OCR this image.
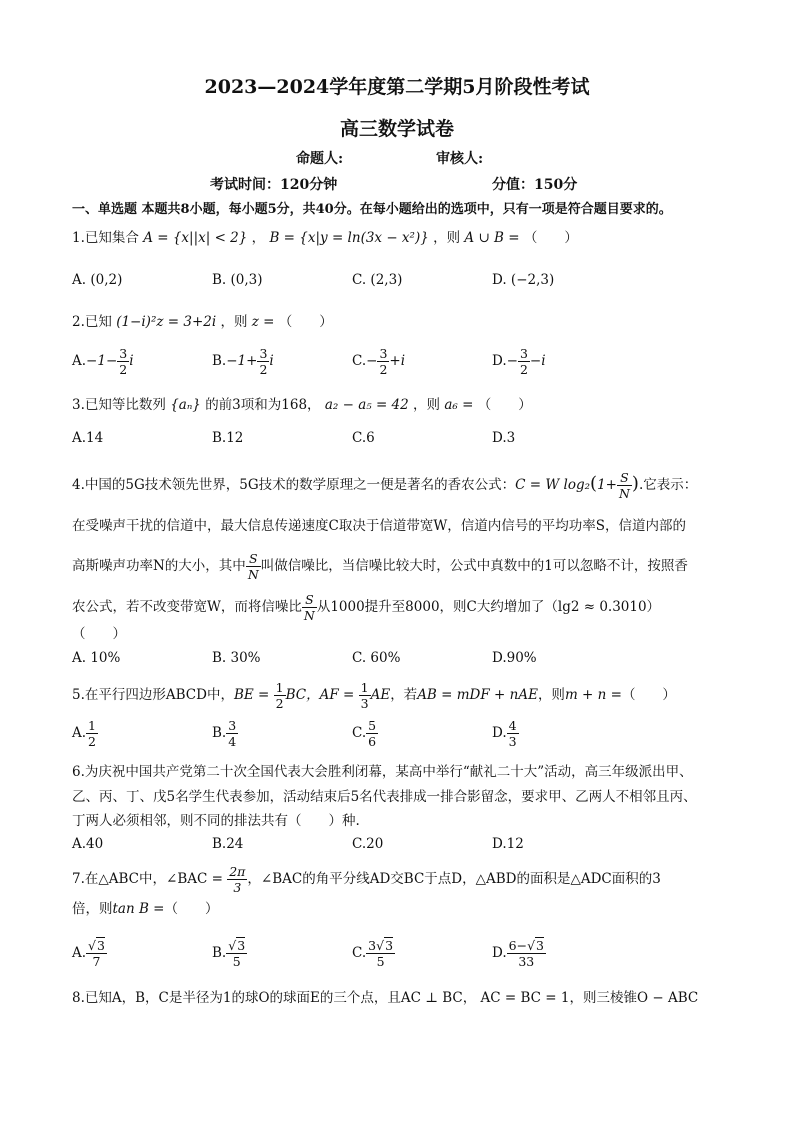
2023—2024学年度第二学期5月阶段性考试
高三数学试卷
命题人:	审核人:
考试时间：120分钟	分值：150分
一、单选题 本题共8小题，每小题5分，共40分。在每小题给出的选项中，只有一项是符合题目要求的。
1.已知集合 A = {x||x| < 2} ， B = {x|y = ln(3x − x²)} ，则 A ∪ B = （　　）
A. (0,2)	B. (0,3)	C. (2,3)	D. (−2,3)
2.已知 (1−i)²z = 3+2i ，则 z = （　　）
$A.-1- \frac{3}{2}$ i	$B.-1+ \frac{3}{2}$ i	$C.- \frac{3}{2} +i$	$D.- \frac{3}{2} -i$
3.已知等比数列 {aₙ} 的前3项和为168， a₂ − a₅ = 42 ，则 a₆ = （　　）
A.14	B.12	C.6	D.3
4.中国的5G技术领先世界，5G技术的数学原理之一便是著名的香农公式：C = W $\log_2(1+ \frac{S}{N}$ ).它表示：
在受噪声干扰的信道中，最大信息传递速度C取决于信道带宽W，信道内信号的平均功率S，信道内部的
高斯噪声功率N的大小，其中 $\frac{S}{N}$ 叫做信噪比，当信噪比较大时，公式中真数中的1可以忽略不计，按照香
农公式，若不改变带宽W，而将信噪比 $\frac{S}{N}$ 从1000提升至8000，则C大约增加了（lg2 ≈ 0.3010）
（　　）
A. 10%	B. 30%	C. 60%	D.90%
5.在平行四边形ABCD中，BE = $\frac{1}{2}$ BC，AF = $\frac{1}{3}$ AE，若AB = mDF + nAE，则m + n =（　　）
A. $\frac{1}{2}$	B. $\frac{3}{4}$	C. $\frac{5}{6}$	D. $\frac{4}{3}$
6.为庆祝中国共产党第二十次全国代表大会胜利闭幕，某高中举行“献礼二十大”活动，高三年级派出甲、
乙、丙、丁、戊5名学生代表参加，活动结束后5名代表排成一排合影留念，要求甲、乙两人不相邻且丙、
丁两人必须相邻，则不同的排法共有（　　）种.
A.40	B.24	C.20	D.12
7.在△ABC中，∠BAC = $\frac{2\pi}{3}$ ，∠BAC的角平分线AD交BC于点D，△ABD的面积是△ADC面积的3
倍，则tan B =（　　）
A. $\frac{√3}{7}$	B. $\frac{√3}{5}$	C. $\frac{3√3}{5}$	D. $\frac{6-√3}{33}$
8.已知A，B，C是半径为1的球O的球面E的三个点，且AC ⊥ BC， AC = BC = 1，则三棱锥O − ABC
